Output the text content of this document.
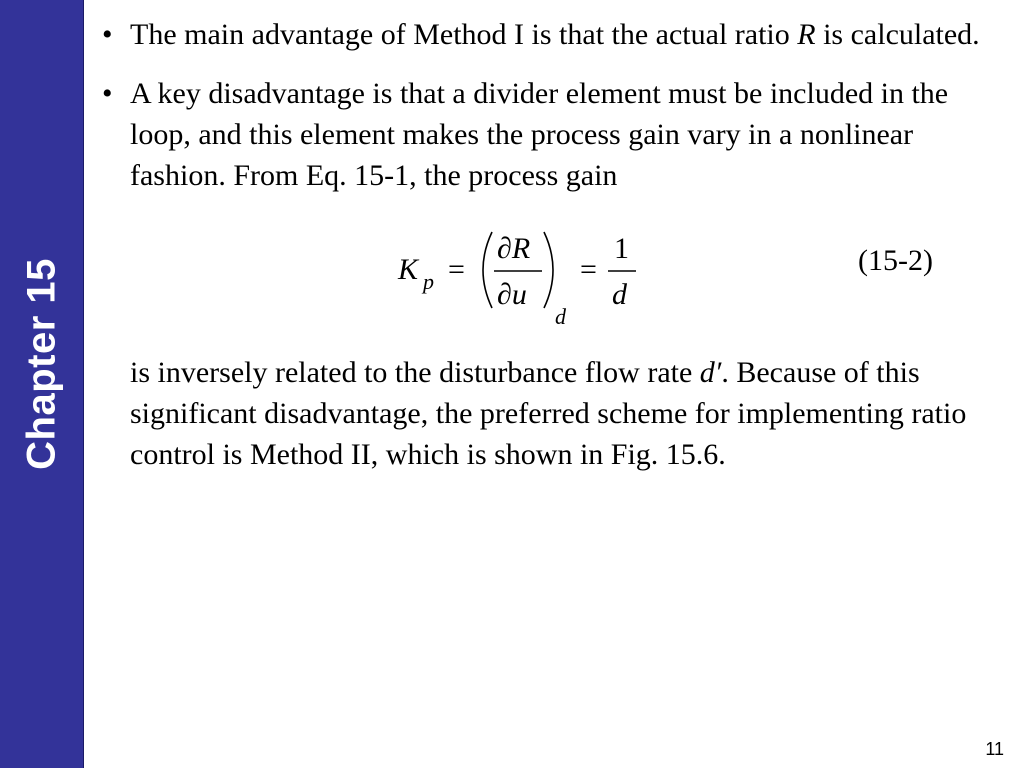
Chapter 15
• The main advantage of Method I is that the actual ratio R is calculated.
• A key disadvantage is that a divider element must be included in the loop, and this element makes the process gain vary in a nonlinear fashion. From Eq. 15-1, the process gain
K p =
∂R
∂u
d
=
1
d
(15-2)
is inversely related to the disturbance flow rate d′. Because of this significant disadvantage, the preferred scheme for implementing ratio control is Method II, which is shown in Fig. 15.6.
11
